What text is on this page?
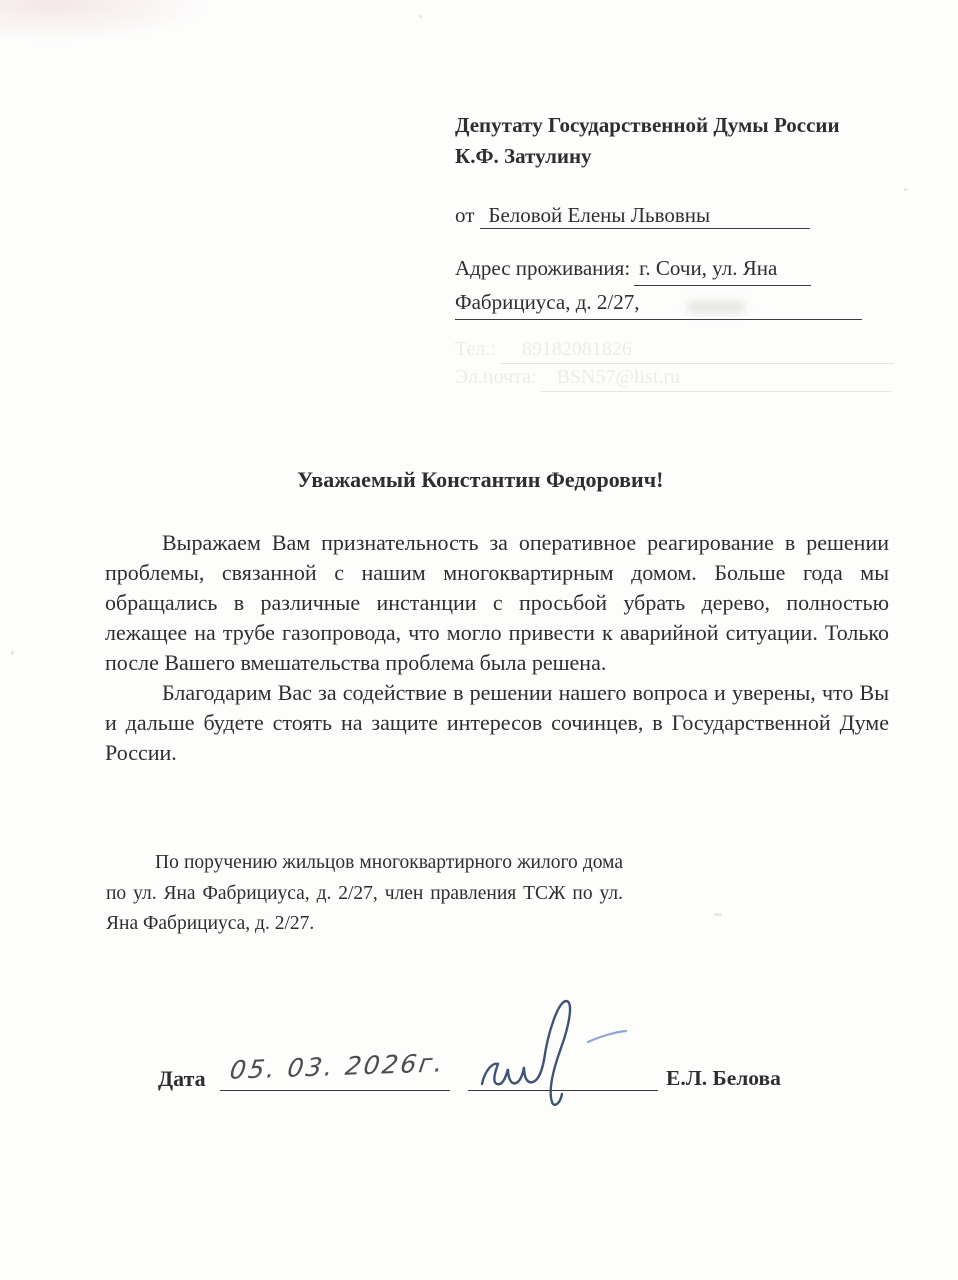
Депутату Государственной Думы России
К.Ф. Затулину
от Беловой Елены Львовны
Адрес проживания: г. Сочи, ул. Яна
Фабрициуса, д. 2/27,
Тел.: 89182081826
Эл.почта: BSN57@list.ru
Уважаемый Константин Федорович!

Выражаем Вам признательность за оперативное реагирование в решении проблемы, связанной с нашим многоквартирным домом. Больше года мы обращались в различные инстанции с просьбой убрать дерево, полностью лежащее на трубе газопровода, что могло привести к аварийной ситуации. Только после Вашего вмешательства проблема была решена.

Благодарим Вас за содействие в решении нашего вопроса и уверены, что Вы и дальше будете стоять на защите интересов сочинцев, в Государственной Думе России.

По поручению жильцов многоквартирного жилого дома по ул. Яна Фабрициуса, д. 2/27, член правления ТСЖ по ул. Яна Фабрициуса, д. 2/27.

Дата 05. 03. 2026г.	Е.Л. Белова
